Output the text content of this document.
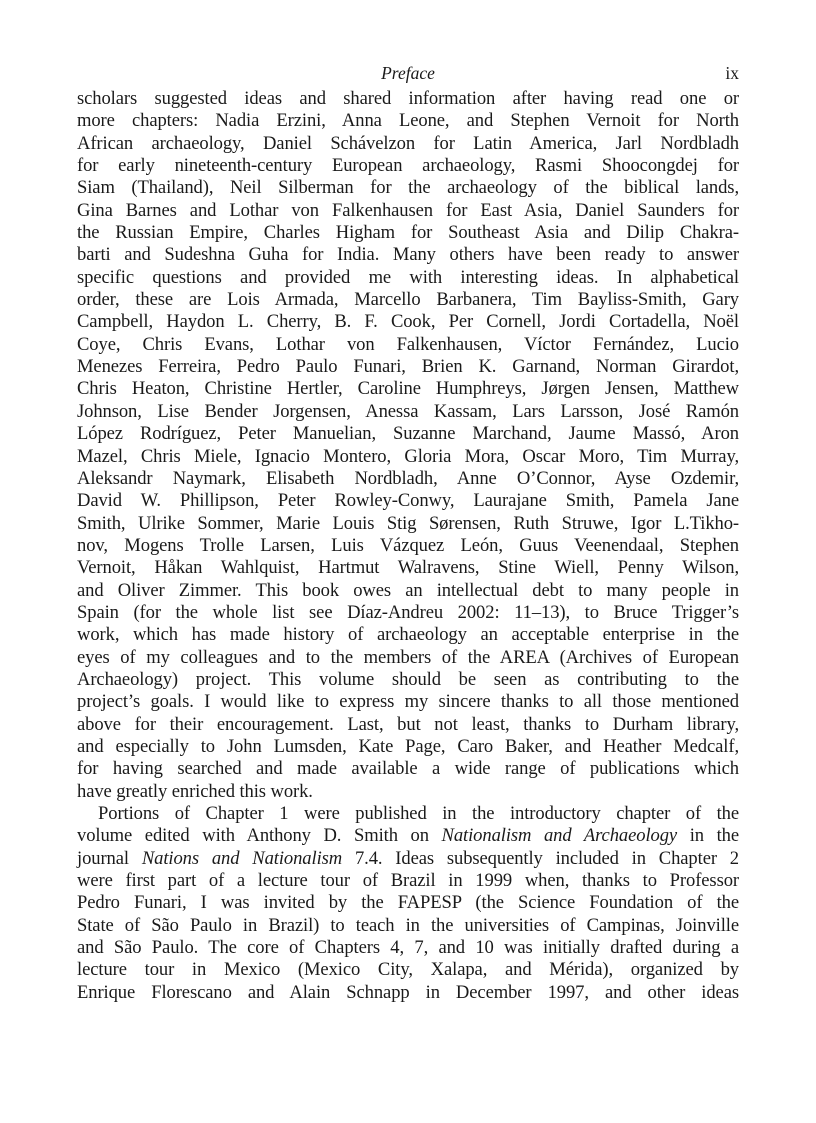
Preface	ix
scholars suggested ideas and shared information after having read one or
more chapters: Nadia Erzini, Anna Leone, and Stephen Vernoit for North
African archaeology, Daniel Schávelzon for Latin America, Jarl Nordbladh
for early nineteenth-century European archaeology, Rasmi Shoocongdej for
Siam (Thailand), Neil Silberman for the archaeology of the biblical lands,
Gina Barnes and Lothar von Falkenhausen for East Asia, Daniel Saunders for
the Russian Empire, Charles Higham for Southeast Asia and Dilip Chakra-
barti and Sudeshna Guha for India. Many others have been ready to answer
specific questions and provided me with interesting ideas. In alphabetical
order, these are Lois Armada, Marcello Barbanera, Tim Bayliss-Smith, Gary
Campbell, Haydon L. Cherry, B. F. Cook, Per Cornell, Jordi Cortadella, Noël
Coye, Chris Evans, Lothar von Falkenhausen, Víctor Fernández, Lucio
Menezes Ferreira, Pedro Paulo Funari, Brien K. Garnand, Norman Girardot,
Chris Heaton, Christine Hertler, Caroline Humphreys, Jørgen Jensen, Matthew
Johnson, Lise Bender Jorgensen, Anessa Kassam, Lars Larsson, José Ramón
López Rodríguez, Peter Manuelian, Suzanne Marchand, Jaume Massó, Aron
Mazel, Chris Miele, Ignacio Montero, Gloria Mora, Oscar Moro, Tim Murray,
Aleksandr Naymark, Elisabeth Nordbladh, Anne O’Connor, Ayse Ozdemir,
David W. Phillipson, Peter Rowley-Conwy, Laurajane Smith, Pamela Jane
Smith, Ulrike Sommer, Marie Louis Stig Sørensen, Ruth Struwe, Igor L.Tikho-
nov, Mogens Trolle Larsen, Luis Vázquez León, Guus Veenendaal, Stephen
Vernoit, Håkan Wahlquist, Hartmut Walravens, Stine Wiell, Penny Wilson,
and Oliver Zimmer. This book owes an intellectual debt to many people in
Spain (for the whole list see Díaz-Andreu 2002: 11–13), to Bruce Trigger’s
work, which has made history of archaeology an acceptable enterprise in the
eyes of my colleagues and to the members of the AREA (Archives of European
Archaeology) project. This volume should be seen as contributing to the
project’s goals. I would like to express my sincere thanks to all those mentioned
above for their encouragement. Last, but not least, thanks to Durham library,
and especially to John Lumsden, Kate Page, Caro Baker, and Heather Medcalf,
for having searched and made available a wide range of publications which
have greatly enriched this work.
Portions of Chapter 1 were published in the introductory chapter of the
volume edited with Anthony D. Smith on Nationalism and Archaeology in the
journal Nations and Nationalism 7.4. Ideas subsequently included in Chapter 2
were first part of a lecture tour of Brazil in 1999 when, thanks to Professor
Pedro Funari, I was invited by the FAPESP (the Science Foundation of the
State of São Paulo in Brazil) to teach in the universities of Campinas, Joinville
and São Paulo. The core of Chapters 4, 7, and 10 was initially drafted during a
lecture tour in Mexico (Mexico City, Xalapa, and Mérida), organized by
Enrique Florescano and Alain Schnapp in December 1997, and other ideas
